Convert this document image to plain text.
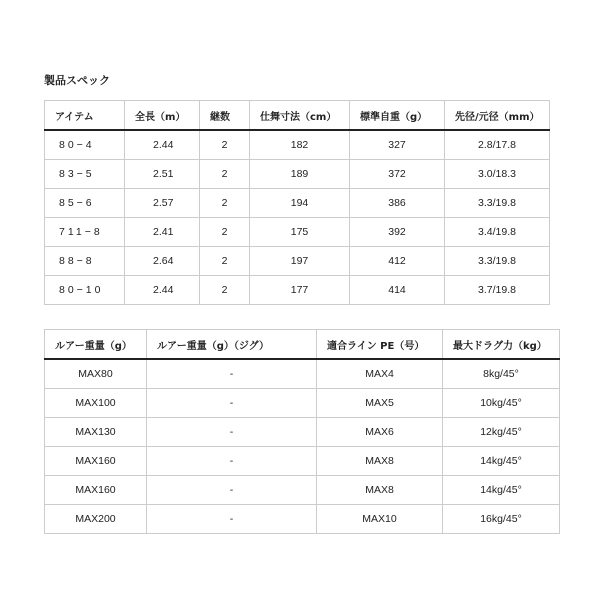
製品スペック
アイテム	全長（m）	継数	仕舞寸法（cm）	標準自重（g）	先径/元径（mm）
80−4	2.44	2	182	327	2.8/17.8
83−5	2.51	2	189	372	3.0/18.3
85−6	2.57	2	194	386	3.3/19.8
711−8	2.41	2	175	392	3.4/19.8
88−8	2.64	2	197	412	3.3/19.8
80−10	2.44	2	177	414	3.7/19.8
ルアー重量（g）	ルアー重量（g）（ジグ）	適合ライン PE（号）	最大ドラグ力（kg）
MAX80	-	MAX4	8kg/45°
MAX100	-	MAX5	10kg/45°
MAX130	-	MAX6	12kg/45°
MAX160	-	MAX8	14kg/45°
MAX160	-	MAX8	14kg/45°
MAX200	-	MAX10	16kg/45°
